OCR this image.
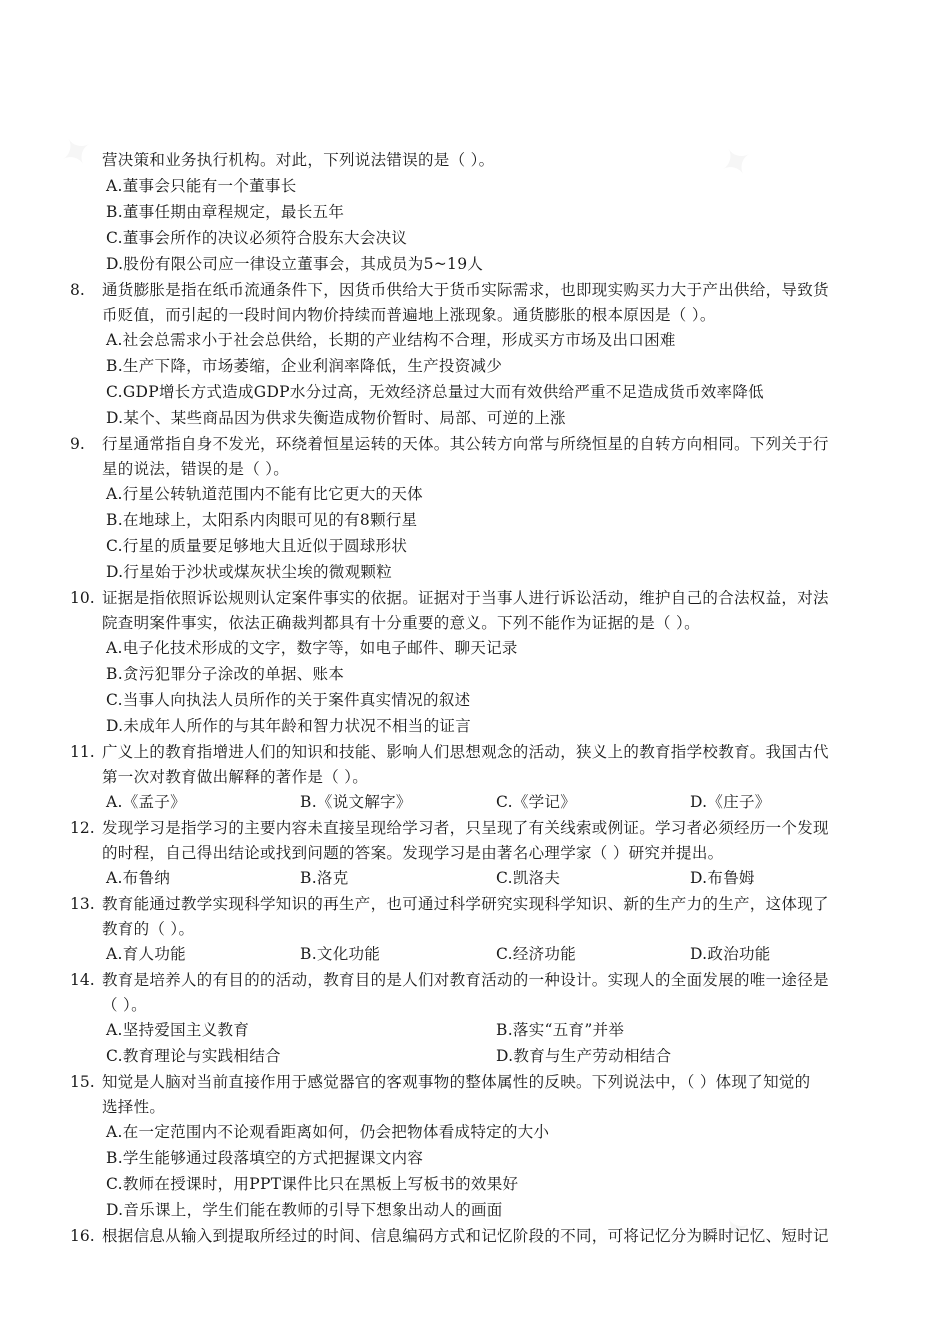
营决策和业务执行机构。对此，下列说法错误的是（ ）。
A.董事会只能有一个董事长
B.董事任期由章程规定，最长五年
C.董事会所作的决议必须符合股东大会决议
D.股份有限公司应一律设立董事会，其成员为5~19人
8. 通货膨胀是指在纸币流通条件下，因货币供给大于货币实际需求，也即现实购买力大于产出供给，导致货
币贬值，而引起的一段时间内物价持续而普遍地上涨现象。通货膨胀的根本原因是（ ）。
A.社会总需求小于社会总供给，长期的产业结构不合理，形成买方市场及出口困难
B.生产下降，市场萎缩，企业利润率降低，生产投资减少
C.GDP增长方式造成GDP水分过高，无效经济总量过大而有效供给严重不足造成货币效率降低
D.某个、某些商品因为供求失衡造成物价暂时、局部、可逆的上涨
9. 行星通常指自身不发光，环绕着恒星运转的天体。其公转方向常与所绕恒星的自转方向相同。下列关于行
星的说法，错误的是（ ）。
A.行星公转轨道范围内不能有比它更大的天体
B.在地球上，太阳系内肉眼可见的有8颗行星
C.行星的质量要足够地大且近似于圆球形状
D.行星始于沙状或煤灰状尘埃的微观颗粒
10. 证据是指依照诉讼规则认定案件事实的依据。证据对于当事人进行诉讼活动，维护自己的合法权益，对法
院查明案件事实，依法正确裁判都具有十分重要的意义。下列不能作为证据的是（ ）。
A.电子化技术形成的文字，数字等，如电子邮件、聊天记录
B.贪污犯罪分子涂改的单据、账本
C.当事人向执法人员所作的关于案件真实情况的叙述
D.未成年人所作的与其年龄和智力状况不相当的证言
11. 广义上的教育指增进人们的知识和技能、影响人们思想观念的活动，狭义上的教育指学校教育。我国古代
第一次对教育做出解释的著作是（ ）。
A.《孟子》	B.《说文解字》	C.《学记》	D.《庄子》
12. 发现学习是指学习的主要内容未直接呈现给学习者，只呈现了有关线索或例证。学习者必须经历一个发现
的时程，自己得出结论或找到问题的答案。发现学习是由著名心理学家（ ）研究并提出。
A.布鲁纳	B.洛克	C.凯洛夫	D.布鲁姆
13. 教育能通过教学实现科学知识的再生产，也可通过科学研究实现科学知识、新的生产力的生产，这体现了
教育的（ ）。
A.育人功能	B.文化功能	C.经济功能	D.政治功能
14. 教育是培养人的有目的的活动，教育目的是人们对教育活动的一种设计。实现人的全面发展的唯一途径是
（ ）。
A.坚持爱国主义教育	B.落实“五育”并举
C.教育理论与实践相结合	D.教育与生产劳动相结合
15. 知觉是人脑对当前直接作用于感觉器官的客观事物的整体属性的反映。下列说法中，（ ）体现了知觉的
选择性。
A.在一定范围内不论观看距离如何，仍会把物体看成特定的大小
B.学生能够通过段落填空的方式把握课文内容
C.教师在授课时，用PPT课件比只在黑板上写板书的效果好
D.音乐课上，学生们能在教师的引导下想象出动人的画面
16. 根据信息从输入到提取所经过的时间、信息编码方式和记忆阶段的不同，可将记忆分为瞬时记忆、短时记
